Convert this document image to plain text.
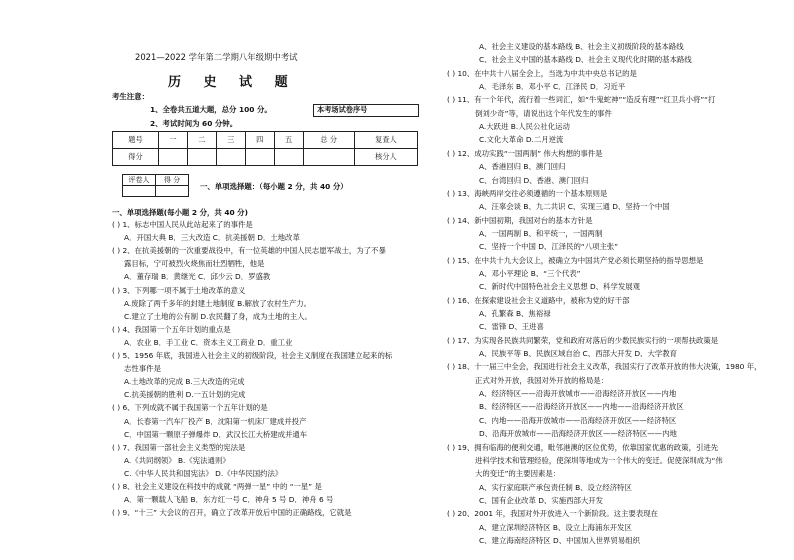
2021—2022 学年第二学期八年级期中考试
历 史 试 题
考生注意：
1、全卷共五道大题，总分 100 分。
2、考试时间为 60 分钟。
本考场试卷序号
题号	一	二	三	四	五	总 分	复查人
得分							核分人
评卷人	得 分

一、单项选择题：（每小题 2 分，共 40 分）
一、单项选择题(每小题 2 分，共 40 分)
( ) 1、标志中国人民从此站起来了的事件是
A．开国大典 B．三大改造 C．抗美援朝 D．土地改革
( ) 2、在抗美援朝的一次重要战役中，有一位英雄的中国人民志愿军战士，为了不暴
露目标，宁可被烈火烧焦而壮烈牺牲，他是
A．董存瑞 B．黄继光 C．邱少云 D．罗盛教
( ) 3、下列哪一项不属于土地改革的意义
A.废除了两千多年的封建土地制度 B.解放了农村生产力。
C.建立了土地的公有制 D.农民翻了身，成为土地的主人。
( ) 4、我国第一个五年计划的重点是
A．农业 B．手工业 C．资本主义工商业 D．重工业
( ) 5、1956 年底，我国进入社会主义的初级阶段，社会主义制度在我国建立起来的标
志性事件是
A.土地改革的完成 B.三大改造的完成
C.抗美援朝的胜利 D.一五计划的完成
( ) 6、下列成就不属于我国第一个五年计划的是
A．长春第一汽车厂投产 B．沈阳第一机床厂建成并投产
C．中国第一颗原子弹爆炸 D．武汉长江大桥建成并通车
( ) 7、我国第一部社会主义类型的宪法是
A.《共同纲领》 B.《宪法通则》
C.《中华人民共和国宪法》 D.《中华民国约法》
( ) 8、社会主义建设在科技中的成就 “两弹一星” 中的 “一星” 是
A．第一颗载人飞船 B．东方红一号 C．神舟 5 号 D．神舟 6 号
( ) 9、“十三” 大会议的召开，确立了改革开放后中国的正确路线，它就是
A、社会主义建设的基本路线 B、社会主义初级阶段的基本路线
C、社会主义中国的基本路线 D、社会主义现代化时期的基本路线
( ) 10、在中共十八届全会上，当选为中共中央总书记的是
A．毛泽东 B．邓小平 C．江泽民 D．习近平
( ) 11、有一个年代，流行着一些词汇，如“牛鬼蛇神”“造反有理”“红卫兵小将”“打
倒刘少奇”等，请说出这个年代发生的事件
A.大跃进 B.人民公社化运动
C.文化大革命 D.二月逆流
( ) 12、成功实践“一国两制” 伟大构想的事件是
A、香港回归 B、澳门回归
C、台湾回归 D、香港、澳门回归
( ) 13、海峡两岸交往必须遵循的一个基本原则是
A、汪辜会谈 B、九二共识 C、实现三通 D、坚持一个中国
( ) 14、新中国初期，我国对台的基本方针是
A、一国两制 B、和平统一，一国两制
C、坚持一个中国 D、江泽民的“八项主张”
( ) 15、在中共十九大会议上，被确立为中国共产党必须长期坚持的指导思想是
A、邓小平理论 B、“三个代表”
C、新时代中国特色社会主义思想 D、科学发展观
( ) 16、在探索建设社会主义道路中，被称为党的好干部
A、孔繁森 B、焦裕禄
C、雷锋 D、王进喜
( ) 17、为实现各民族共同繁荣，党和政府对落后的少数民族实行的一项帮扶政策是
A、民族平等 B、民族区域自治 C、西部大开发 D、大学教育
( ) 18、十一届三中全会，我国进行社会主义改革，我国实行了改革开放的伟大决策，1980 年，
正式对外开放，我国对外开放的格局是：
A、经济特区——沿海开放城市——沿海经济开放区——内地
B、经济特区——沿海经济开放区——内地——沿海经济开放区
C、内地——沿海开放城市——沿海经济开放区——经济特区
D、沿海开放城市——沿海经济开放区——经济特区——内地
( ) 19、拥有临海的便利交通，毗邻港澳的区位优势，依靠国家优惠的政策，引进先
进科学技术和管理经验，使深圳等地成为一个伟大的变迁。促使深圳成为“伟
大的变迁”的主要因素是：
A、实行家庭联产承包责任制 B、设立经济特区
C、国有企业改革 D、实施西部大开发
( ) 20、2001 年，我国对外开放进入一个新阶段。这主要表现在
A、建立深圳经济特区 B、设立上海浦东开发区
C、建立海南经济特区 D、中国加入世界贸易组织
